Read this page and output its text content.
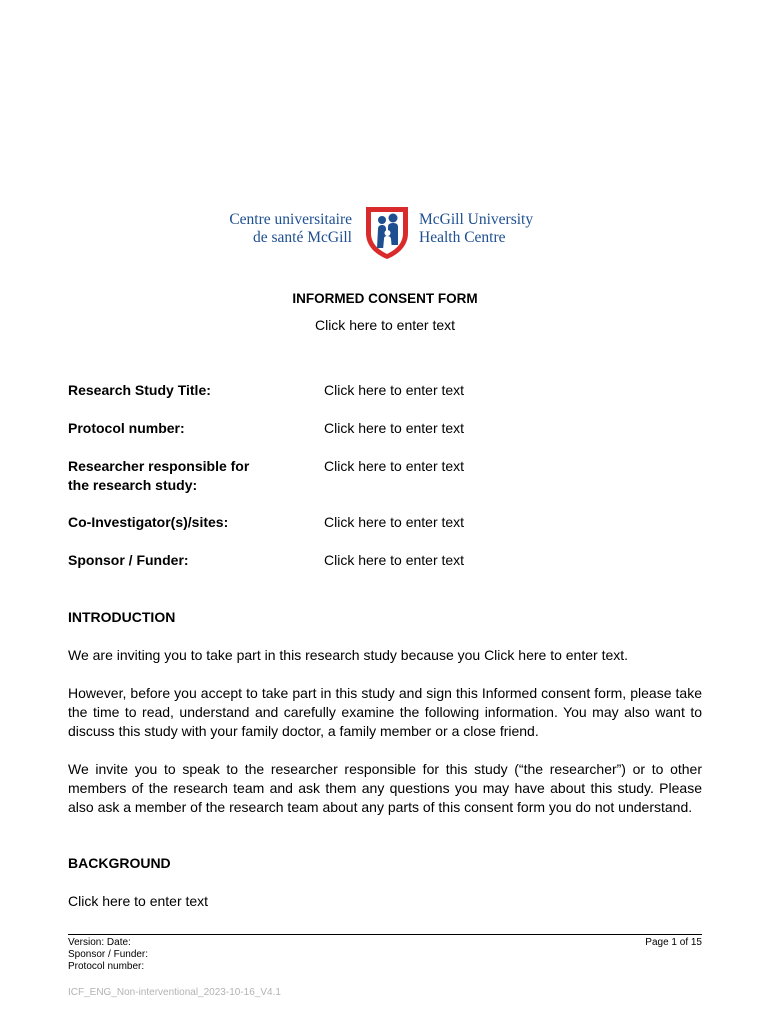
Centre universitaire
de santé McGill
McGill University
Health Centre
INFORMED CONSENT FORM
Click here to enter text
Research Study Title:	Click here to enter text
Protocol number:	Click here to enter text
Researcher responsible for the research study:
Click here to enter text
Co-Investigator(s)/sites:	Click here to enter text
Sponsor / Funder:	Click here to enter text
INTRODUCTION
We are inviting you to take part in this research study because you Click here to enter text.
However, before you accept to take part in this study and sign this Informed consent form, please take the time to read, understand and carefully examine the following information. You may also want to discuss this study with your family doctor, a family member or a close friend.
We invite you to speak to the researcher responsible for this study (“the researcher”) or to other members of the research team and ask them any questions you may have about this study. Please also ask a member of the research team about any parts of this consent form you do not understand.
BACKGROUND
Click here to enter text
Version: Date:
Sponsor / Funder:
Protocol number:
Page 1 of 15
ICF_ENG_Non-interventional_2023-10-16_V4.1
